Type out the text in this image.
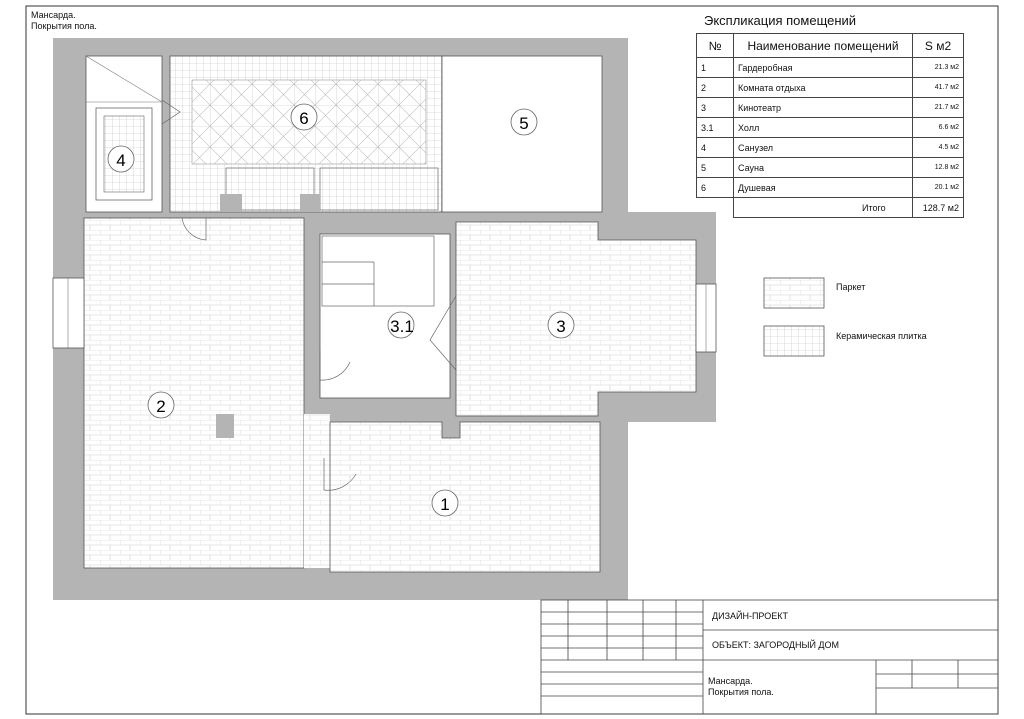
4
6	5
2
3.1	3
1
Мансарда.
Покрытия пола.	Экспликация помещений
№	Наименование помещений	S м2
1	Гардеробная	21.3 м2
2	Комната отдыха	41.7 м2
3	Кинотеатр	21.7 м2
3.1	Холл	6.6 м2
4	Санузел	4.5 м2
5	Сауна	12.8 м2
6	Душевая	20.1 м2
	Итого	128.7 м2
Паркет
Керамическая плитка
ДИЗАЙН-ПРОЕКТ
ОБЪЕКТ: ЗАГОРОДНЫЙ ДОМ
Мансарда.
Покрытия пола.
